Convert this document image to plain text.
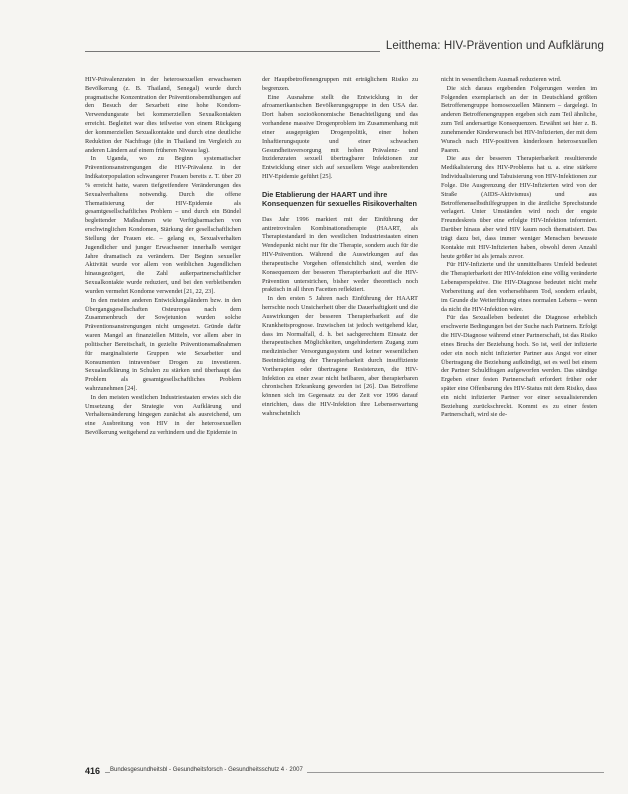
Leitthema: HIV-Prävention und Aufklärung

HIV-Prävalenzraten in der heterosexuellen erwachsenen Bevölkerung (z. B. Thailand, Senegal) wurde durch pragmatische Konzentration der Präventionsbemühungen auf den Besuch der Sexarbeit eine hohe Kondom-Verwendungsrate bei kommerziellen Sexualkontakten erreicht. Begleitet war dies teilweise von einem Rückgang der kommerziellen Sexualkontakte und durch eine deutliche Reduktion der Nachfrage (die in Thailand im Vergleich zu anderen Ländern auf einem früheren Niveau lag).

In Uganda, wo zu Beginn systematischer Präventionsanstrengungen die HIV-Prävalenz in der Indikatorpopulation schwangerer Frauen bereits z. T. über 20 % erreicht hatte, waren tiefgreifendere Veränderungen des Sexualverhaltens notwendig. Durch die offene Thematisierung der HIV-Epidemie als gesamtgesellschaftliches Problem – und durch ein Bündel begleitender Maßnahmen wie Verfügbarmachen von erschwinglichen Kondomen, Stärkung der gesellschaftlichen Stellung der Frauen etc. – gelang es, Sexualverhalten Jugendlicher und junger Erwachsener innerhalb weniger Jahre dramatisch zu verändern. Der Beginn sexueller Aktivität wurde vor allem von weiblichen Jugendlichen hinausgezögert, die Zahl außerpartnerschaftlicher Sexualkontakte wurde reduziert, und bei den verbleibenden wurden vermehrt Kondome verwendet [21, 22, 23].

In den meisten anderen Entwicklungsländern bzw. in den Übergangsgesellschaften Osteuropas nach dem Zusammenbruch der Sowjetunion wurden solche Präventionsanstrengungen nicht umgesetzt. Gründe dafür waren Mangel an finanziellen Mitteln, vor allem aber in politischer Bereitschaft, in gezielte Präventionsmaßnahmen für marginalisierte Gruppen wie Sexarbeiter und Konsumenten intravenöser Drogen zu investieren. Sexualaufklärung in Schulen zu stärken und überhaupt das Problem als gesamtgesellschaftliches Problem wahrzunehmen [24].

In den meisten westlichen Industriestaaten erwies sich die Umsetzung der Strategie von Aufklärung und Verhaltensänderung hingegen zunächst als ausreichend, um eine Ausbreitung von HIV in der heterosexuellen Bevölkerung weitgehend zu verhindern und die Epidemie in

der Hauptbetroffenengruppen mit erträglichem Risiko zu begrenzen.

Eine Ausnahme stellt die Entwicklung in der afroamerikanischen Bevölkerungsgruppe in den USA dar. Dort haben sozioökonomische Benachteiligung und das vorhandene massive Drogenproblem im Zusammenhang mit einer ausgeprägten Drogenpolitik, einer hohen Inhaftierungsquote und einer schwachen Gesundheitsversorgung mit hohen Prävalenz- und Inzidenzraten sexuell übertragbarer Infektionen zur Entwicklung einer sich auf sexuellem Wege ausbreitenden HIV-Epidemie geführt [25].

Die Etablierung der HAART und ihre Konsequenzen für sexuelles Risikoverhalten

Das Jahr 1996 markiert mit der Einführung der antiretroviralen Kombinationstherapie (HAART, als Therapiestandard in den westlichen Industriestaaten einen Wendepunkt nicht nur für die Therapie, sondern auch für die HIV-Prävention. Während die Auswirkungen auf das therapeutische Vorgehen offensichtlich sind, werden die Konsequenzen der besseren Therapierbarkeit auf die HIV-Prävention unterstrichen, bisher weder theoretisch noch praktisch in all ihren Facetten reflektiert.

In den ersten 5 Jahren nach Einführung der HAART herrschte noch Unsicherheit über die Dauerhaftigkeit und die Auswirkungen der besseren Therapierbarkeit auf die Krankheitsprognose. Inzwischen ist jedoch weitgehend klar, dass im Normalfall, d. h. bei sachgerechtem Einsatz der therapeutischen Möglichkeiten, ungehindertem Zugang zum medizinischer Versorgungssystem und keiner wesentlichen Beeinträchtigung der Therapierbarkeit durch insuffiziente Vortherapien oder übertragene Resistenzen, die HIV-Infektion zu einer zwar nicht heilbaren, aber therapierbaren chronischen Erkrankung geworden ist [26]. Das Betroffene können sich im Gegensatz zu der Zeit vor 1996 darauf einrichten, dass die HIV-Infektion ihre Lebenserwartung wahrscheinlich

nicht in wesentlichem Ausmaß reduzieren wird.

Die sich daraus ergebenden Folgerungen werden im Folgenden exemplarisch an der in Deutschland größten Betroffenengruppe homosexuellen Männern – dargelegt. In anderen Betroffenengruppen ergeben sich zum Teil ähnliche, zum Teil andersartige Konsequenzen. Erwähnt sei hier z. B. zunehmender Kinderwunsch bei HIV-Infizierten, der mit dem Wunsch nach HIV-positiven kinderlosen heterosexuellen Paaren.

Die aus der besseren Therapierbarkeit resultierende Medikalisierung des HIV-Problems hat u. a. eine stärkere Individualisierung und Tabuisierung von HIV-Infektionen zur Folge. Die Ausgrenzung der HIV-Infizierten wird von der Straße (AIDS-Aktivismus) und aus Betroffenenselbsthilfegruppen in die ärztliche Sprechstunde verlagert. Unter Umständen wird noch der engste Freundeskreis über eine erfolgte HIV-Infektion informiert. Darüber hinaus aber wird HIV kaum noch thematisiert. Das trägt dazu bei, dass immer weniger Menschen bewusste Kontakte mit HIV-Infizierten haben, obwohl deren Anzahl heute größer ist als jemals zuvor.

Für HIV-Infizierte und ihr unmittelbares Umfeld bedeutet die Therapierbarkeit der HIV-Infektion eine völlig veränderte Lebensperspektive. Die HIV-Diagnose bedeutet nicht mehr Vorbereitung auf den vorhersehbaren Tod, sondern erlaubt, im Grunde die Weiterführung eines normalen Lebens – wenn da nicht die HIV-Infektion wäre.

Für das Sexualleben bedeutet die Diagnose erheblich erschwerte Bedingungen bei der Suche nach Partnern. Erfolgt die HIV-Diagnose während einer Partnerschaft, ist das Risiko eines Bruchs der Beziehung hoch. So ist, weil der infizierte oder ein noch nicht infizierter Partner aus Angst vor einer Übertragung die Beziehung aufkündigt, sei es weil bei einem der Partner Schuldfragen aufgeworfen werden. Das ständige Ergeben einer festen Partnerschaft erfordert früher oder später eine Offenbarung des HIV-Status mit dem Risiko, dass ein nicht infizierter Partner vor einer sexualisierenden Beziehung zurückschreckt. Kommt es zu einer festen Partnerschaft, wird sie de-

416 Bundesgesundheitsbl - Gesundheitsforsch - Gesundheitsschutz 4 · 2007
